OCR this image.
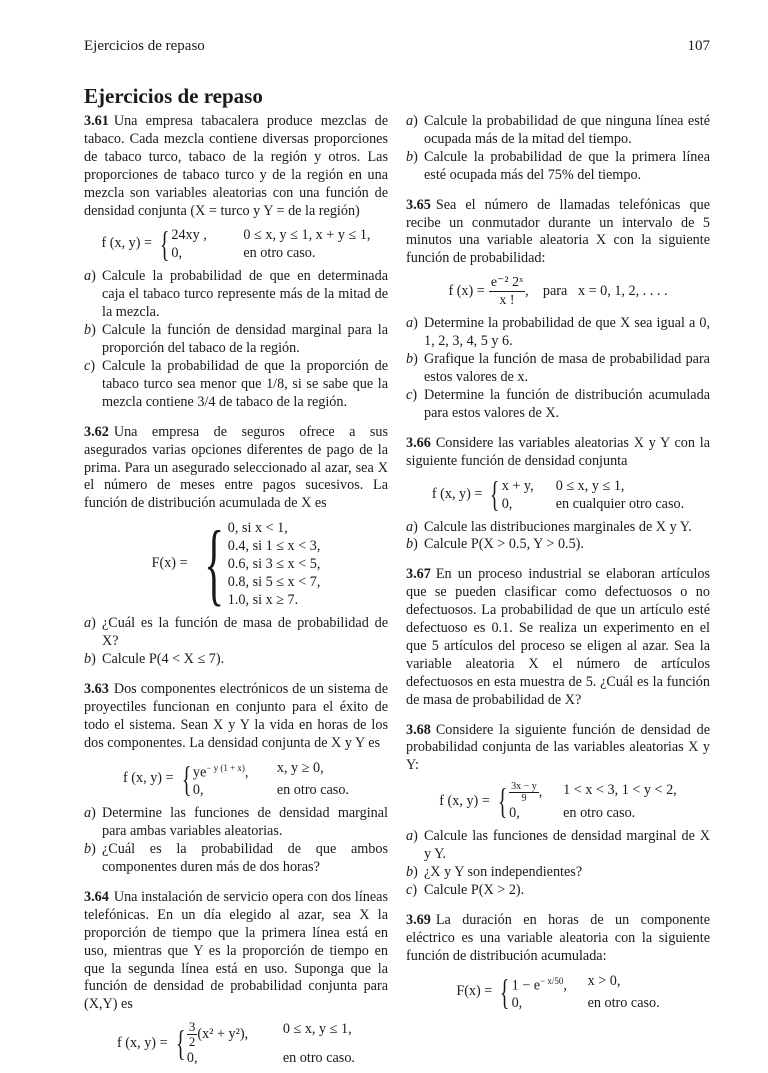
Ejercicios de repaso	107
Ejercicios de repaso

3.61 Una empresa tabacalera produce mezclas de tabaco. Cada mezcla contiene diversas proporciones de tabaco turco, tabaco de la región y otros. Las proporciones de tabaco turco y de la región en una mezcla son variables aleatorias con una función de densidad conjunta (X = turco y Y = de la región)

f (x, y) = { 24xy ,	0 ≤ x, y ≤ 1, x + y ≤ 1,
0,	en otro caso.
a ) Calcule la probabilidad de que en determinada caja el tabaco turco represente más de la mitad de la mezcla.
b ) Calcule la función de densidad marginal para la proporción del tabaco de la región.
c ) Calcule la probabilidad de que la proporción de tabaco turco sea menor que 1/8, si se sabe que la mezcla contiene 3/4 de tabaco de la región.

3.62 Una empresa de seguros ofrece a sus asegurados varias opciones diferentes de pago de la prima. Para un asegurado seleccionado al azar, sea X el número de meses entre pagos sucesivos. La función de distribución acumulada de X es

F(x) = { 0, si x < 1,
0.4, si 1 ≤ x < 3,
0.6, si 3 ≤ x < 5,
0.8, si 5 ≤ x < 7,
1.0, si x ≥ 7.
a ) ¿Cuál es la función de masa de probabilidad de X?
b ) Calcule P(4 < X ≤ 7).

3.63 Dos componentes electrónicos de un sistema de proyectiles funcionan en conjunto para el éxito de todo el sistema. Sean X y Y la vida en horas de los dos componentes. La densidad conjunta de X y Y es

f (x, y) = { $ye^{- y (1 + x)}$,	x, y ≥ 0,
0,	en otro caso.
a ) Determine las funciones de densidad marginal para ambas variables aleatorias.
b ) ¿Cuál es la probabilidad de que ambos componentes duren más de dos horas?

3.64 Una instalación de servicio opera con dos líneas telefónicas. En un día elegido al azar, sea X la proporción de tiempo que la primera línea está en uso, mientras que Y es la proporción de tiempo en que la segunda línea está en uso. Suponga que la función de densidad de probabilidad conjunta para (X,Y) es

f (x, y) = { $\frac{3}{2} (x^2 + y^2)$,	0 ≤ x, y ≤ 1,
0,	en otro caso.
a ) Calcule la probabilidad de que ninguna línea esté ocupada más de la mitad del tiempo.
b ) Calcule la probabilidad de que la primera línea esté ocupada más del 75% del tiempo.

3.65 Sea el número de llamadas telefónicas que recibe un conmutador durante un intervalo de 5 minutos una variable aleatoria X con la siguiente función de probabilidad:

f $(x) = \frac{\text{e⁻² 2ˣ}}{x !}$ ,    para   x = 0, 1, 2, . . . .
a ) Determine la probabilidad de que X sea igual a 0, 1, 2, 3, 4, 5 y 6.
b ) Grafique la función de masa de probabilidad para estos valores de x.
c ) Determine la función de distribución acumulada para estos valores de X.

3.66 Considere las variables aleatorias X y Y con la siguiente función de densidad conjunta

f (x, y) = { x + y,	0 ≤ x, y ≤ 1,
0,	en cualquier otro caso.
a ) Calcule las distribuciones marginales de X y Y.
b ) Calcule P(X > 0.5, Y > 0.5).

3.67 En un proceso industrial se elaboran artículos que se pueden clasificar como defectuosos o no defectuosos. La probabilidad de que un artículo esté defectuoso es 0.1. Se realiza un experimento en el que 5 artículos del proceso se eligen al azar. Sea la variable aleatoria X el número de artículos defectuosos en esta muestra de 5. ¿Cuál es la función de masa de probabilidad de X?

3.68 Considere la siguiente función de densidad de probabilidad conjunta de las variables aleatorias X y Y:

f (x, y) = { $\frac{3x - y}{9}$ ,	1 < x < 3, 1 < y < 2,
0,	en otro caso.
a ) Calcule las funciones de densidad marginal de X y Y.
b ) ¿X y Y son independientes?
c ) Calcule P(X > 2).

3.69 La duración en horas de un componente eléctrico es una variable aleatoria con la siguiente función de distribución acumulada:

F(x) = { $1 - e^{- x/50}$,	x > 0,
0,	en otro caso.
